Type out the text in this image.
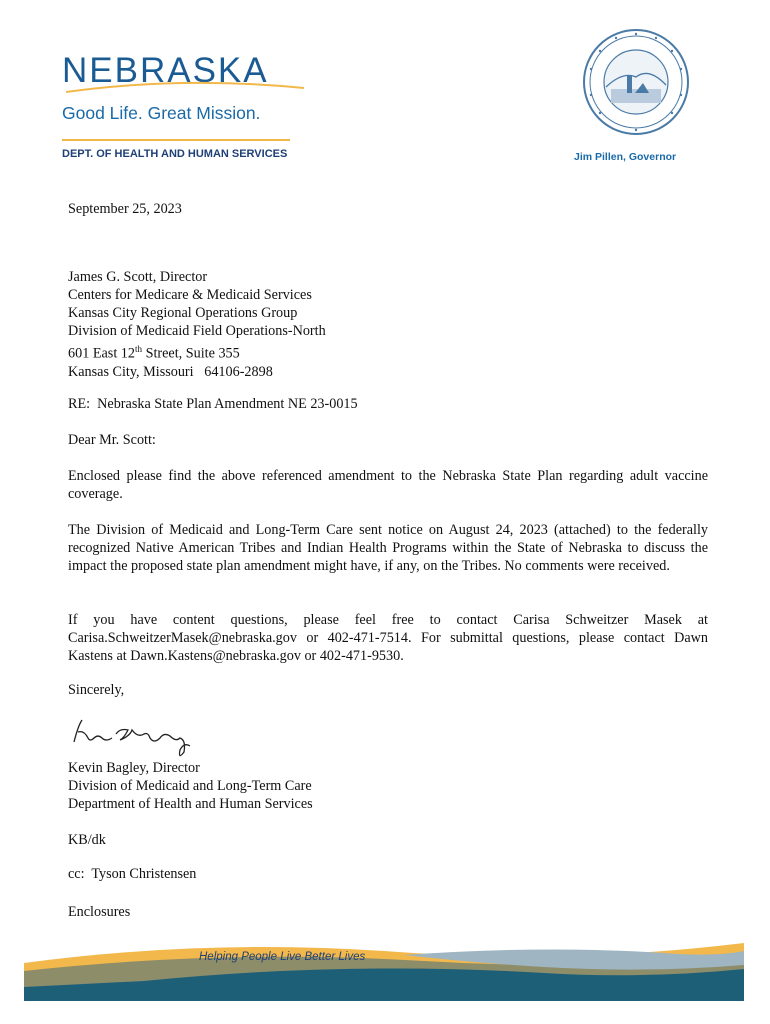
NEBRASKA
Good Life. Great Mission.
DEPT. OF HEALTH AND HUMAN SERVICES	Jim Pillen, Governor

September 25, 2023

James G. Scott, Director

Centers for Medicare & Medicaid Services

Kansas City Regional Operations Group

Division of Medicaid Field Operations-North

601 East 12th Street, Suite 355

Kansas City, Missouri   64106-2898

RE:  Nebraska State Plan Amendment NE 23-0015

Dear Mr. Scott:

Enclosed please find the above referenced amendment to the Nebraska State Plan regarding adult vaccine coverage.

The Division of Medicaid and Long-Term Care sent notice on August 24, 2023 (attached) to the federally recognized Native American Tribes and Indian Health Programs within the State of Nebraska to discuss the impact the proposed state plan amendment might have, if any, on the Tribes. No comments were received.

If you have content questions, please feel free to contact Carisa Schweitzer Masek at Carisa.SchweitzerMasek@nebraska.gov or 402-471-7514. For submittal questions, please contact Dawn Kastens at Dawn.Kastens@nebraska.gov or 402-471-9530.

Sincerely,

Kevin Bagley, Director

Division of Medicaid and Long-Term Care

Department of Health and Human Services

KB/dk

cc:  Tyson Christensen

Enclosures

Helping People Live Better Lives
